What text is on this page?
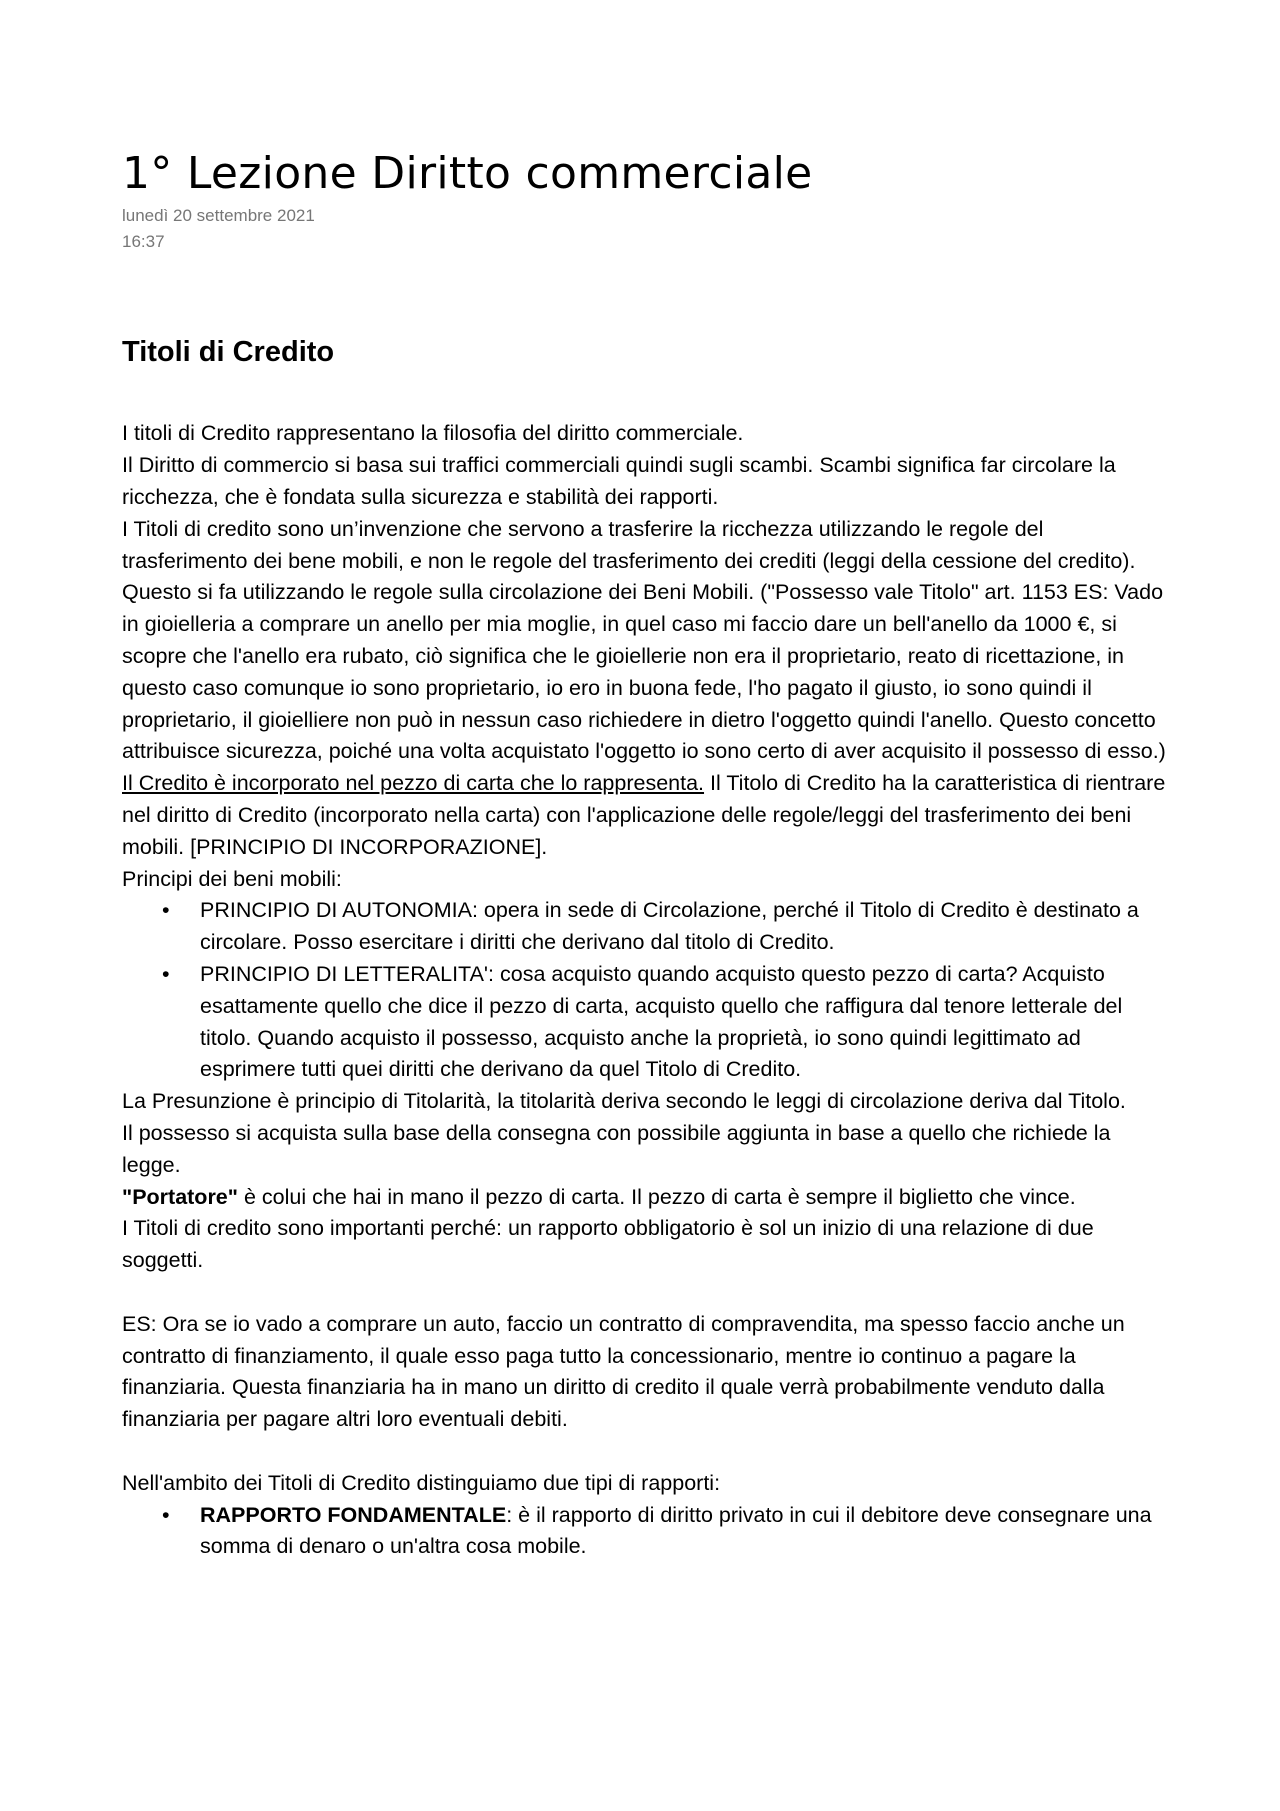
1° Lezione Diritto commerciale
lunedì 20 settembre 2021
16:37
Titoli di Credito

I titoli di Credito rappresentano la filosofia del diritto commerciale.

Il Diritto di commercio si basa sui traffici commerciali quindi sugli scambi. Scambi significa far circolare la ricchezza, che è fondata sulla sicurezza e stabilità dei rapporti.

I Titoli di credito sono un’invenzione che servono a trasferire la ricchezza utilizzando le regole del trasferimento dei bene mobili, e non le regole del trasferimento dei crediti (leggi della cessione del credito).

Questo si fa utilizzando le regole sulla circolazione dei Beni Mobili. ("Possesso vale Titolo" art. 1153 ES: Vado in gioielleria a comprare un anello per mia moglie, in quel caso mi faccio dare un bell'anello da 1000 €, si scopre che l'anello era rubato, ciò significa che le gioiellerie non era il proprietario, reato di ricettazione, in questo caso comunque io sono proprietario, io ero in buona fede, l'ho pagato il giusto, io sono quindi il proprietario, il gioielliere non può in nessun caso richiedere in dietro l'oggetto quindi l'anello. Questo concetto attribuisce sicurezza, poiché una volta acquistato l'oggetto io sono certo di aver acquisito il possesso di esso.)

Il Credito è incorporato nel pezzo di carta che lo rappresenta. Il Titolo di Credito ha la caratteristica di rientrare nel diritto di Credito (incorporato nella carta) con l'applicazione delle regole/leggi del trasferimento dei beni mobili. [PRINCIPIO DI INCORPORAZIONE].

Principi dei beni mobili:

• PRINCIPIO DI AUTONOMIA: opera in sede di Circolazione, perché il Titolo di Credito è destinato a circolare. Posso esercitare i diritti che derivano dal titolo di Credito.
• PRINCIPIO DI LETTERALITA': cosa acquisto quando acquisto questo pezzo di carta? Acquisto esattamente quello che dice il pezzo di carta, acquisto quello che raffigura dal tenore letterale del titolo. Quando acquisto il possesso, acquisto anche la proprietà, io sono quindi legittimato ad esprimere tutti quei diritti che derivano da quel Titolo di Credito.

La Presunzione è principio di Titolarità, la titolarità deriva secondo le leggi di circolazione deriva dal Titolo.

Il possesso si acquista sulla base della consegna con possibile aggiunta in base a quello che richiede la legge.

"Portatore" è colui che hai in mano il pezzo di carta. Il pezzo di carta è sempre il biglietto che vince.

I Titoli di credito sono importanti perché: un rapporto obbligatorio è sol un inizio di una relazione di due soggetti.

ES: Ora se io vado a comprare un auto, faccio un contratto di compravendita, ma spesso faccio anche un contratto di finanziamento, il quale esso paga tutto la concessionario, mentre io continuo a pagare la finanziaria. Questa finanziaria ha in mano un diritto di credito il quale verrà probabilmente venduto dalla finanziaria per pagare altri loro eventuali debiti.

Nell'ambito dei Titoli di Credito distinguiamo due tipi di rapporti:

• RAPPORTO FONDAMENTALE: è il rapporto di diritto privato in cui il debitore deve consegnare una somma di denaro o un'altra cosa mobile.
